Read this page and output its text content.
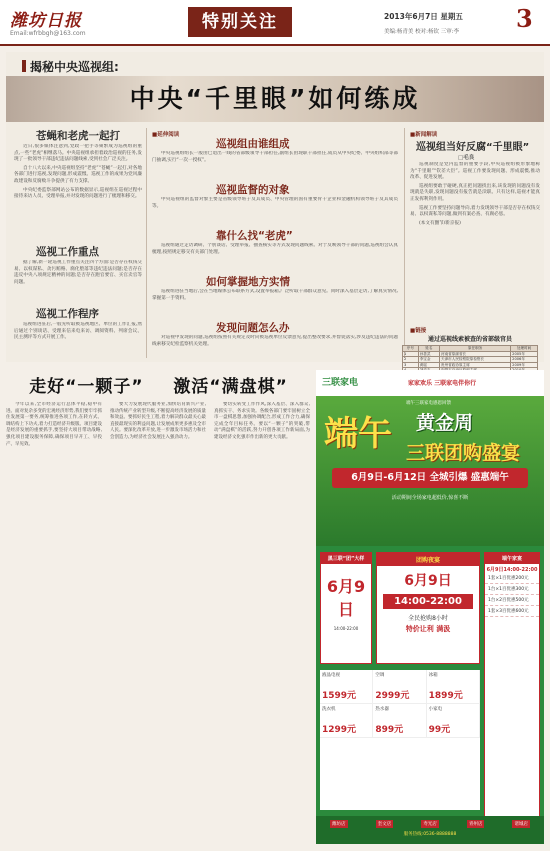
潍坊日报
Email:wfrbbgh@163.com
特别关注	2013年6月7日 星期五
美编:杨青美 校对:杨钦 三审:李 3
揭秘中央巡视组:
中央“千里眼”如何练成
苍蝇和老虎一起打

近日,很多媒体注意到,党政一把手等频繁成为巡视组的重点,一些“老虎”相继落马。中央巡视组承担着政治巡视的任务,发现了一批领导干部违纪违法问题线索,受到社会广泛关注。

自十八大以来,中央巡视组坚持“老虎”“苍蝇”一起打,对各地各部门进行巡视,发现问题,形成震慑。巡视工作的成果为党风廉政建设和反腐败斗争提供了有力支撑。

中央纪委监察部网站公布的数据显示,巡视组在巡视过程中接待来访人员、受理举报,并对发现的问题进行了梳理和移交。

巡视工作重点

据了解,新一轮巡视工作重点关注四个方面:是否存在权钱交易、以权谋私、贪污贿赂、腐化堕落等违纪违法问题;是否存在违反中央八项规定精神的问题;是否存在跑官要官、买官卖官等问题。

巡视工作程序

巡视组进驻后,一般先听取被巡视地区、单位的工作汇报,然后通过个别谈话、受理来信来电来访、调阅资料、列席会议、民主测评等方式开展工作。

■延伸阅读
巡视组由谁组成

中央巡视组组长一般由已退出一线的省部级领导干部担任,副组长由现职干部担任,成员从中央纪委、中央组织部等部门抽调,实行“一次一授权”。

巡视监督的对象

中央巡视组的监督对象主要是省级领导班子及其成员、中央管理的国有重要骨干企业和金融机构领导班子及其成员等。

靠什么找“老虎”

巡视组通过走访调研、个别谈话、受理举报、抽查核实等方式发现问题线索。对于反映领导干部的问题,巡视组会认真梳理,按照规定移交有关部门处理。

如何掌握地方实情

巡视组进驻当地后,会在当地媒体公布联系方式,设置举报箱,广泛听取干部群众意见。同时深入基层走访,了解真实情况,掌握第一手资料。

发现问题怎么办

对巡视中发现的问题,巡视组按照有关规定及时向被巡视单位反馈意见,提出整改要求,并督促落实,涉及违纪违法的问题线索移交纪检监察机关处理。

■新闻解读
巡视组当好反腐“千里眼”
□毛良

巡视制度是党内监督的重要手段,中央巡视组被形象地称为“千里眼”“钦差大臣”。巡视工作要发现问题、形成震慑,推动改革、促进发展。

巡视组要敢于碰硬,真正把问题找出来,该发现的问题没有发现就是失职,发现问题没有报告就是渎职。只有这样,巡视才能真正发挥利剑作用。

巡视工作要坚持问题导向,着力发现领导干部是否存在权钱交易、以权谋私等问题,做到有案必查、有腐必惩。

(本文有删节/新京报)

■链接
通过巡视线索被查的省部级官员
序号	姓名	原任职务	处理时间
1	孙善武	河南省原副省长	2005年
2	李宝金	天津市人民检察院原检察长	2006年
3	黄瑶	贵州省政协原主席	2009年

走好“一颗子” 激活“满盘棋”

今年以来,全市经济运行总体平稳,稳中有进。面对复杂多变的宏观经济形势,我们要牢牢抓住发展第一要务,统筹推进各项工作,在转方式、调结构上下功夫,着力打造经济升级版。项目建设是经济发展的重要抓手,要坚持大项目带动战略,强化项目建设服务保障,确保项目早开工、早投产、早见效。

要大力发展现代服务业,加快培育新兴产业,推动传统产业转型升级,不断提高经济发展的质量和效益。要抓好民生工程,着力解决群众最关心最直接最现实的利益问题,让发展成果更多惠及全市人民。要深化改革开放,进一步激发市场活力和社会创造力,为经济社会发展注入强劲动力。

要切实转变工作作风,深入基层、深入群众,真抓实干、务求实效。各级各部门要牢固树立全市一盘棋思想,加强协调配合,形成工作合力,确保完成全年目标任务。要以“一颗子”的突破,带动“满盘棋”的活跃,努力开创各项工作新局面,为建设经济文化强市作出新的更大贡献。

三联家电	家家欢乐 三联家电伴你行
端午三联家电感恩回馈
端午 黄金周
三联团购盛宴
6月9日-6月12日 全城引爆 盛惠端午
活动期间全场家电超低价,惊喜不断
黑三联“团”大样
6月9日
14:00-22:00
团购夜宴
6月9日
14:00-22:00
全民抢购8小时
特价让利 满汲
端午家宴
6月9日14:00-22:00
1套×1百优惠200元
1台×1百优惠300元
1台×2百优惠500元
1套×3百优惠600元
液晶电视
1599元
空调
2999元
冰箱
1899元
洗衣机
1299元
热水器
899元
小家电
99元
潍坊店	奎文店	寿光店	青州店	诸城店
服务热线:0536-8888888
